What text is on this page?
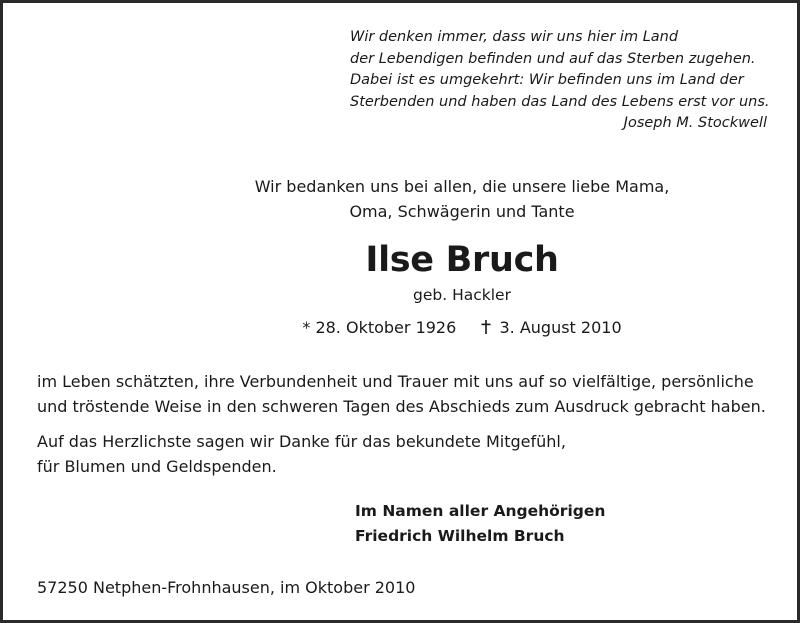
Wir denken immer, dass wir uns hier im Land
der Lebendigen befinden und auf das Sterben zugehen.
Dabei ist es umgekehrt: Wir befinden uns im Land der
Sterbenden und haben das Land des Lebens erst vor uns.
Joseph M. Stockwell
Wir bedanken uns bei allen, die unsere liebe Mama,
Oma, Schwägerin und Tante
Ilse Bruch
geb. Hackler
* 28. Oktober 1926	3. August 2010
im Leben schätzten, ihre Verbundenheit und Trauer mit uns auf so vielfältige, persönliche
und tröstende Weise in den schweren Tagen des Abschieds zum Ausdruck gebracht haben.
Auf das Herzlichste sagen wir Danke für das bekundete Mitgefühl,
für Blumen und Geldspenden.
Im Namen aller Angehörigen
Friedrich Wilhelm Bruch
57250 Netphen-Frohnhausen, im Oktober 2010
